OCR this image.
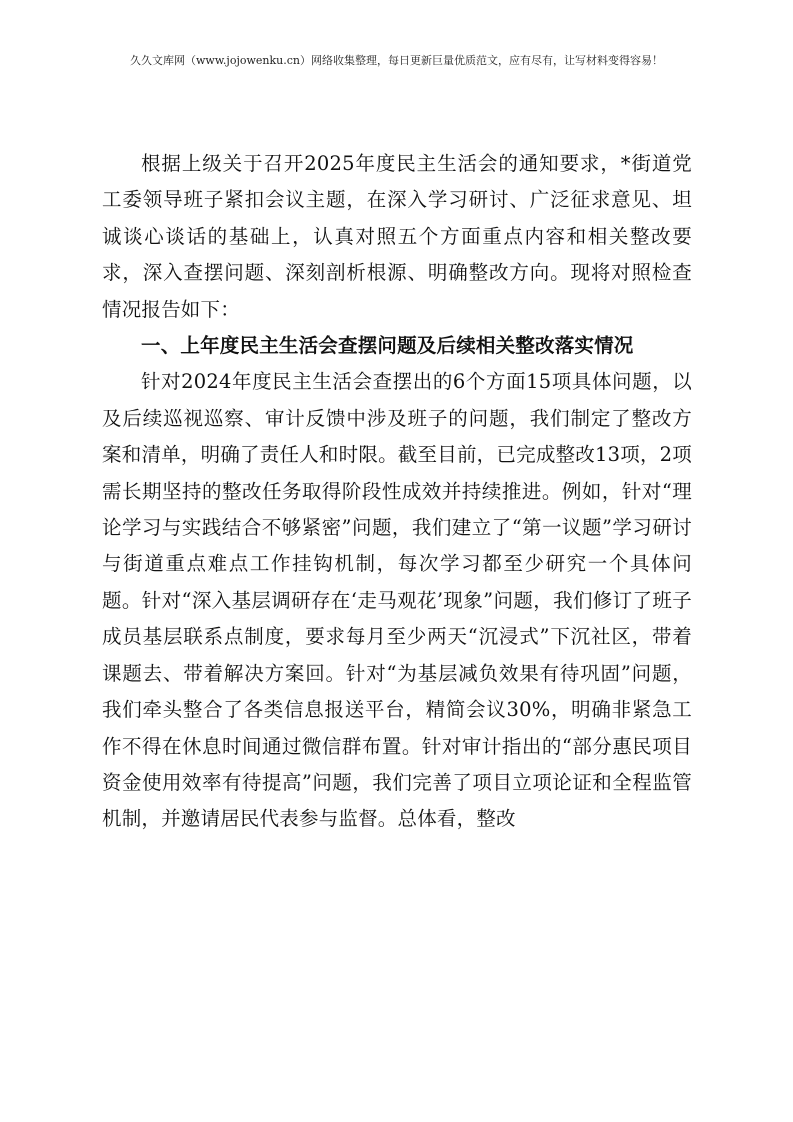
久久文库网（www.jojowenku.cn）网络收集整理，每日更新巨量优质范文，应有尽有，让写材料变得容易！

根据上级关于召开2025年度民主生活会的通知要求，*街道党工委领导班子紧扣会议主题，在深入学习研讨、广泛征求意见、坦诚谈心谈话的基础上，认真对照五个方面重点内容和相关整改要求，深入查摆问题、深刻剖析根源、明确整改方向。现将对照检查情况报告如下：

一、上年度民主生活会查摆问题及后续相关整改落实情况

针对2024年度民主生活会查摆出的6个方面15项具体问题，以及后续巡视巡察、审计反馈中涉及班子的问题，我们制定了整改方案和清单，明确了责任人和时限。截至目前，已完成整改13项，2项需长期坚持的整改任务取得阶段性成效并持续推进。例如，针对“理论学习与实践结合不够紧密”问题，我们建立了“第一议题”学习研讨与街道重点难点工作挂钩机制，每次学习都至少研究一个具体问题。针对“深入基层调研存在‘走马观花’现象”问题，我们修订了班子成员基层联系点制度，要求每月至少两天“沉浸式”下沉社区，带着课题去、带着解决方案回。针对“为基层减负效果有待巩固”问题，我们牵头整合了各类信息报送平台，精简会议30%，明确非紧急工作不得在休息时间通过微信群布置。针对审计指出的“部分惠民项目资金使用效率有待提高”问题，我们完善了项目立项论证和全程监管机制，并邀请居民代表参与监督。总体看，整改
